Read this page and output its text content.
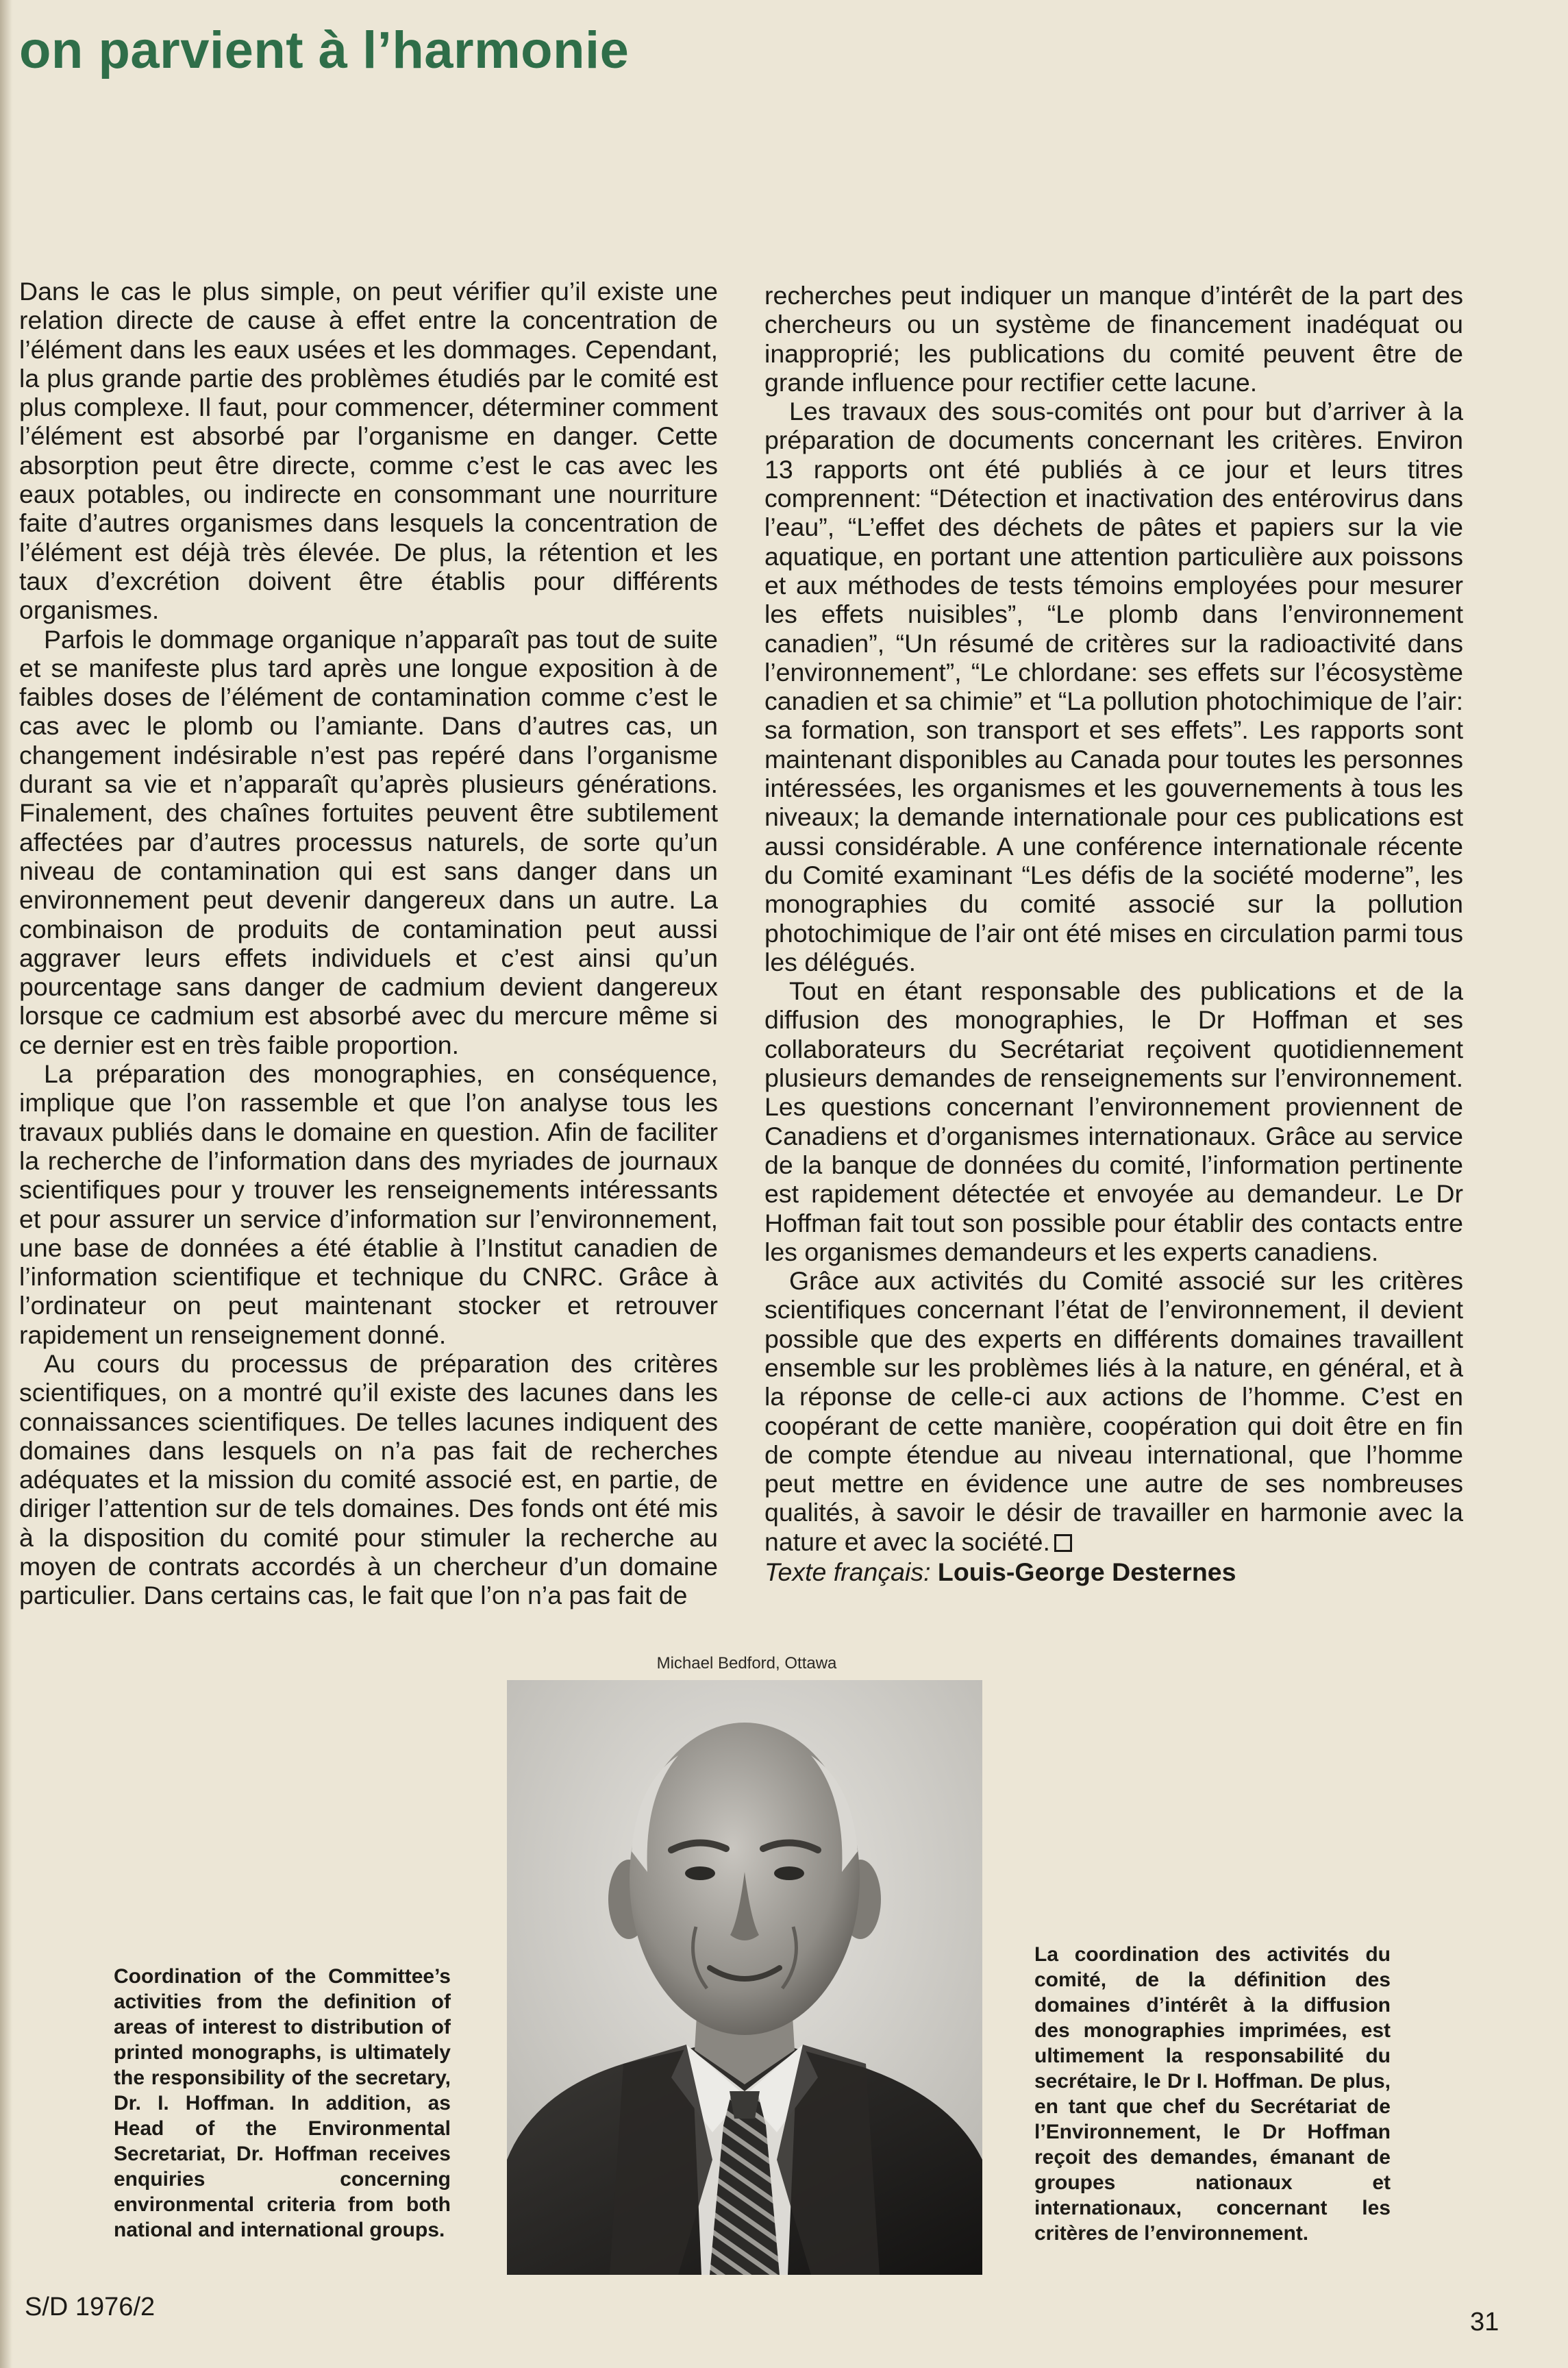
on parvient à l’harmonie

Dans le cas le plus simple, on peut vérifier qu’il existe une relation directe de cause à effet entre la concentration de l’élément dans les eaux usées et les dommages. Cependant, la plus grande partie des problèmes étudiés par le comité est plus complexe. Il faut, pour commencer, déterminer comment l’élément est absorbé par l’organisme en danger. Cette absorption peut être directe, comme c’est le cas avec les eaux potables, ou indirecte en consommant une nourriture faite d’autres organismes dans lesquels la concentration de l’élément est déjà très élevée. De plus, la rétention et les taux d’excrétion doivent être établis pour différents organismes.

Parfois le dommage organique n’apparaît pas tout de suite et se manifeste plus tard après une longue exposition à de faibles doses de l’élément de contamination comme c’est le cas avec le plomb ou l’amiante. Dans d’autres cas, un changement indésirable n’est pas repéré dans l’organisme durant sa vie et n’apparaît qu’après plusieurs générations. Finalement, des chaînes fortuites peuvent être subtilement affectées par d’autres processus naturels, de sorte qu’un niveau de contamination qui est sans danger dans un environnement peut devenir dangereux dans un autre. La combinaison de produits de contamination peut aussi aggraver leurs effets individuels et c’est ainsi qu’un pourcentage sans danger de cadmium devient dangereux lorsque ce cadmium est absorbé avec du mercure même si ce dernier est en très faible proportion.

La préparation des monographies, en conséquence, implique que l’on rassemble et que l’on analyse tous les travaux publiés dans le domaine en question. Afin de faciliter la recherche de l’information dans des myriades de journaux scientifiques pour y trouver les renseignements intéressants et pour assurer un service d’information sur l’environnement, une base de données a été établie à l’Institut canadien de l’information scientifique et technique du CNRC. Grâce à l’ordinateur on peut maintenant stocker et retrouver rapidement un renseignement donné.

Au cours du processus de préparation des critères scientifiques, on a montré qu’il existe des lacunes dans les connaissances scientifiques. De telles lacunes indiquent des domaines dans lesquels on n’a pas fait de recherches adéquates et la mission du comité associé est, en partie, de diriger l’attention sur de tels domaines. Des fonds ont été mis à la disposition du comité pour stimuler la recherche au moyen de contrats accordés à un chercheur d’un domaine particulier. Dans certains cas, le fait que l’on n’a pas fait de

recherches peut indiquer un manque d’intérêt de la part des chercheurs ou un système de financement inadéquat ou inapproprié; les publications du comité peuvent être de grande influence pour rectifier cette lacune.

Les travaux des sous-comités ont pour but d’arriver à la préparation de documents concernant les critères. Environ 13 rapports ont été publiés à ce jour et leurs titres comprennent: “Détection et inactivation des entérovirus dans l’eau”, “L’effet des déchets de pâtes et papiers sur la vie aquatique, en portant une attention particulière aux poissons et aux méthodes de tests témoins employées pour mesurer les effets nuisibles”, “Le plomb dans l’environnement canadien”, “Un résumé de critères sur la radioactivité dans l’environnement”, “Le chlordane: ses effets sur l’écosystème canadien et sa chimie” et “La pollution photochimique de l’air: sa formation, son transport et ses effets”. Les rapports sont maintenant disponibles au Canada pour toutes les personnes intéressées, les organismes et les gouvernements à tous les niveaux; la demande internationale pour ces publications est aussi considérable. A une conférence internationale récente du Comité examinant “Les défis de la société moderne”, les monographies du comité associé sur la pollution photochimique de l’air ont été mises en circulation parmi tous les délégués.

Tout en étant responsable des publications et de la diffusion des monographies, le Dr Hoffman et ses collaborateurs du Secrétariat reçoivent quotidiennement plusieurs demandes de renseignements sur l’environnement. Les questions concernant l’environnement proviennent de Canadiens et d’organismes internationaux. Grâce au service de la banque de données du comité, l’information pertinente est rapidement détectée et envoyée au demandeur. Le Dr Hoffman fait tout son possible pour établir des contacts entre les organismes demandeurs et les experts canadiens.

Grâce aux activités du Comité associé sur les critères scientifiques concernant l’état de l’environnement, il devient possible que des experts en différents domaines travaillent ensemble sur les problèmes liés à la nature, en général, et à la réponse de celle-ci aux actions de l’homme. C’est en coopérant de cette manière, coopération qui doit être en fin de compte étendue au niveau international, que l’homme peut mettre en évidence une autre de ses nombreuses qualités, à savoir le désir de travailler en harmonie avec la nature et avec la société.

Texte français: Louis-George Desternes
Michael Bedford, Ottawa
Coordination of the Committee’s activities from the definition of areas of interest to distribution of printed monographs, is ultimately the responsibility of the secretary, Dr. I. Hoffman. In addition, as Head of the Environmental Secretariat, Dr. Hoffman receives enquiries concerning environmental criteria from both national and international groups.
La coordination des activités du comité, de la définition des domaines d’intérêt à la diffusion des monographies imprimées, est ultimement la responsabilité du secrétaire, le Dr I. Hoffman. De plus, en tant que chef du Secrétariat de l’Environnement, le Dr Hoffman reçoit des demandes, émanant de groupes nationaux et internationaux, concernant les critères de l’environnement.
S/D 1976/2
31
